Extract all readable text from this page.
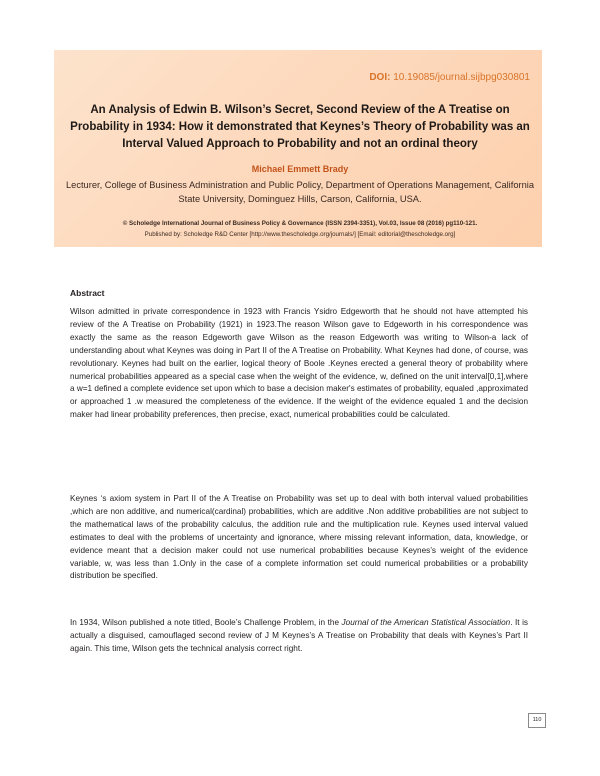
DOI: 10.19085/journal.sijbpg030801
An Analysis of Edwin B. Wilson’s Secret, Second Review of the A Treatise on Probability in 1934: How it demonstrated that Keynes’s Theory of Probability was an Interval Valued Approach to Probability and not an ordinal theory
Michael Emmett Brady
Lecturer, College of Business Administration and Public Policy, Department of Operations Management, California State University, Dominguez Hills, Carson, California, USA.
© Scholedge International Journal of Business Policy & Governance (ISSN 2394-3351), Vol.03, Issue 08 (2016) pg110-121.
Published by: Scholedge R&D Center [http://www.thescholedge.org/journals/] [Email: editorial@thescholedge.org]
Abstract
Wilson admitted in private correspondence in 1923 with Francis Ysidro Edgeworth that he should not have attempted his review of the A Treatise on Probability (1921) in 1923.The reason Wilson gave to Edgeworth in his correspondence was exactly the same as the reason Edgeworth gave Wilson as the reason Edgeworth was writing to Wilson-a lack of understanding about what Keynes was doing in Part II of the A Treatise on Probability. What Keynes had done, of course, was revolutionary. Keynes had built on the earlier, logical theory of Boole .Keynes erected a general theory of probability where numerical probabilities appeared as a special case when the weight of the evidence, w, defined on the unit interval[0,1],where a w=1 defined a complete evidence set upon which to base a decision maker's estimates of probability, equaled ,approximated or approached 1 .w measured the completeness of the evidence. If the weight of the evidence equaled 1 and the decision maker had linear probability preferences, then precise, exact, numerical probabilities could be calculated.
Keynes ‘s axiom system in Part II of the A Treatise on Probability was set up to deal with both interval valued probabilities ,which are non additive, and numerical(cardinal) probabilities, which are additive .Non additive probabilities are not subject to the mathematical laws of the probability calculus, the addition rule and the multiplication rule. Keynes used interval valued estimates to deal with the problems of uncertainty and ignorance, where missing relevant information, data, knowledge, or evidence meant that a decision maker could not use numerical probabilities because Keynes’s weight of the evidence variable, w, was less than 1.Only in the case of a complete information set could numerical probabilities or a probability distribution be specified.
In 1934, Wilson published a note titled, Boole’s Challenge Problem, in the Journal of the American Statistical Association. It is actually a disguised, camouflaged second review of J M Keynes’s A Treatise on Probability that deals with Keynes’s Part II again. This time, Wilson gets the technical analysis correct right.
110
